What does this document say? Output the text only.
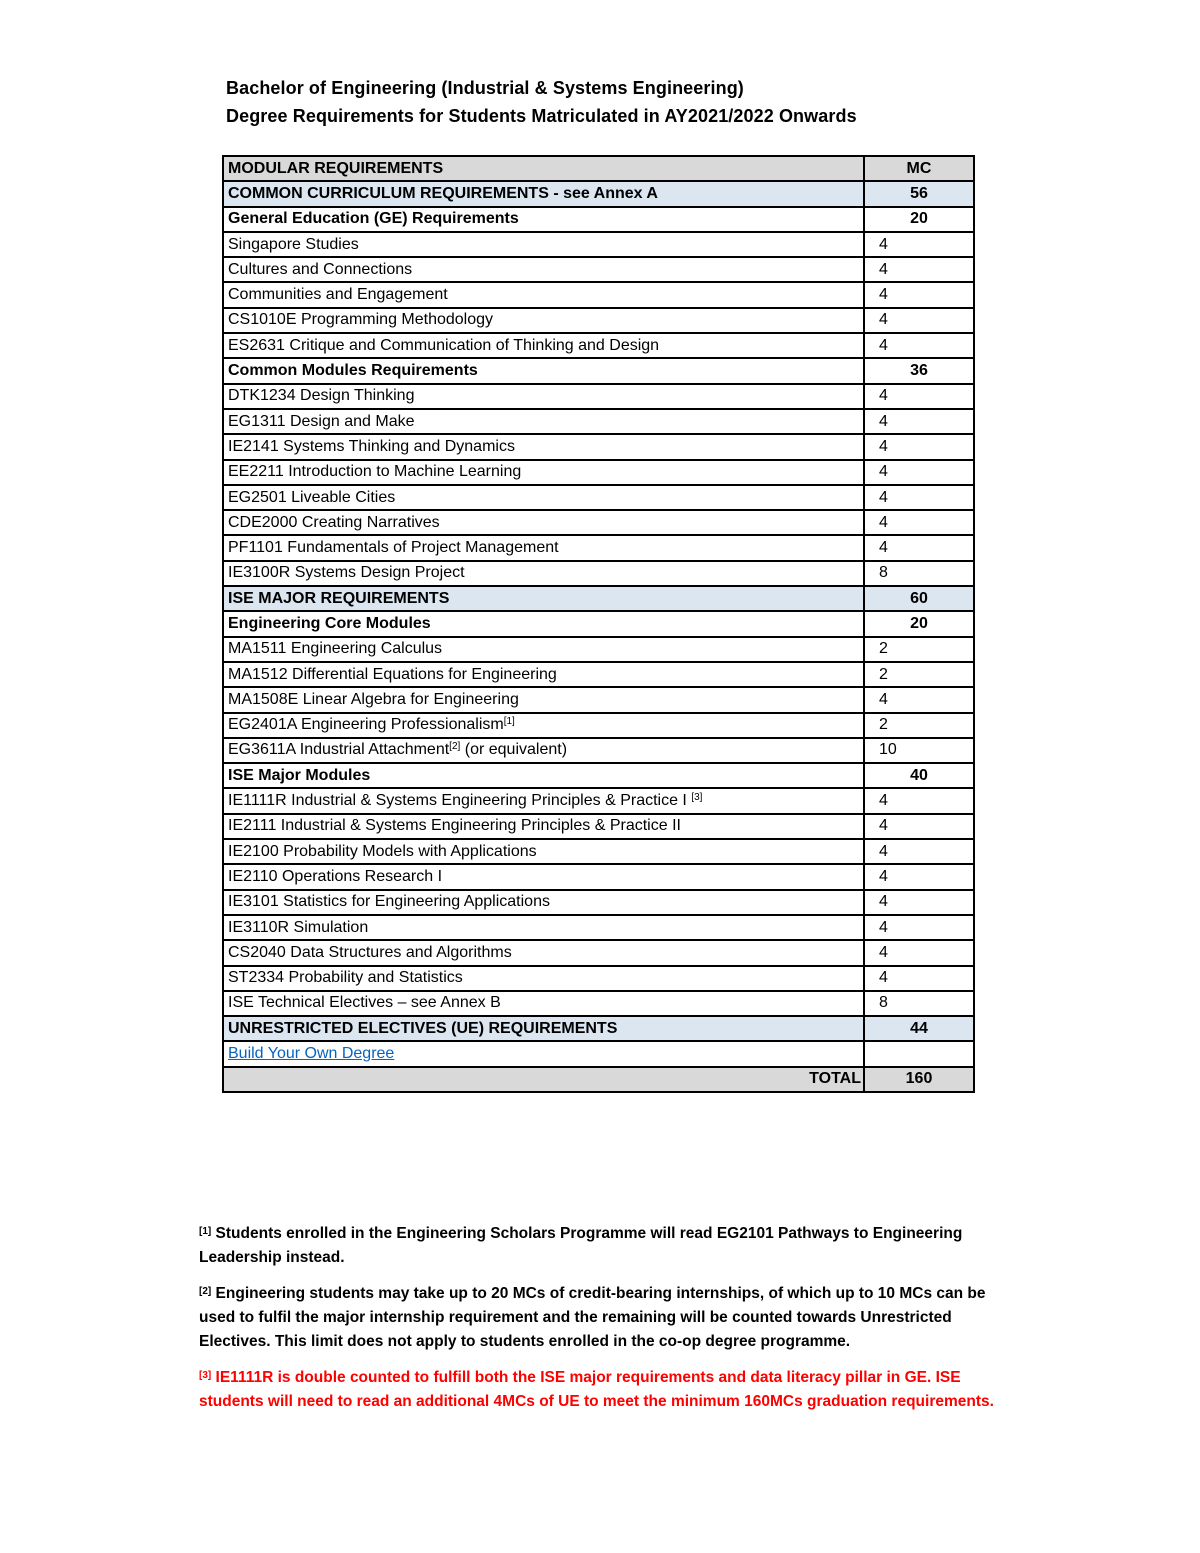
Bachelor of Engineering (Industrial & Systems Engineering)
Degree Requirements for Students Matriculated in AY2021/2022 Onwards
MODULAR REQUIREMENTS	MC
COMMON CURRICULUM REQUIREMENTS - see Annex A	56
General Education (GE) Requirements	20
Singapore Studies	4
Cultures and Connections	4
Communities and Engagement	4
CS1010E Programming Methodology	4
ES2631 Critique and Communication of Thinking and Design	4
Common Modules Requirements	36
DTK1234 Design Thinking	4
EG1311 Design and Make	4
IE2141 Systems Thinking and Dynamics	4
EE2211 Introduction to Machine Learning	4
EG2501 Liveable Cities	4
CDE2000 Creating Narratives	4
PF1101 Fundamentals of Project Management	4
IE3100R Systems Design Project	8
ISE MAJOR REQUIREMENTS	60
Engineering Core Modules	20
MA1511 Engineering Calculus	2
MA1512 Differential Equations for Engineering	2
MA1508E Linear Algebra for Engineering	4
EG2401A Engineering Professionalism[1]	2
EG3611A Industrial Attachment[2] (or equivalent)	10
ISE Major Modules	40
IE1111R Industrial & Systems Engineering Principles & Practice I [3]	4
IE2111 Industrial & Systems Engineering Principles & Practice II	4
IE2100 Probability Models with Applications	4
IE2110 Operations Research I	4
IE3101 Statistics for Engineering Applications	4
IE3110R Simulation	4
CS2040 Data Structures and Algorithms	4
ST2334 Probability and Statistics	4
ISE Technical Electives – see Annex B	8
UNRESTRICTED ELECTIVES (UE) REQUIREMENTS	44
Build Your Own Degree	
TOTAL	160

[1] Students enrolled in the Engineering Scholars Programme will read EG2101 Pathways to Engineering Leadership instead.

[2] Engineering students may take up to 20 MCs of credit-bearing internships, of which up to 10 MCs can be used to fulfil the major internship requirement and the remaining will be counted towards Unrestricted Electives. This limit does not apply to students enrolled in the co-op degree programme.

[3] IE1111R is double counted to fulfill both the ISE major requirements and data literacy pillar in GE. ISE students will need to read an additional 4MCs of UE to meet the minimum 160MCs graduation requirements.
